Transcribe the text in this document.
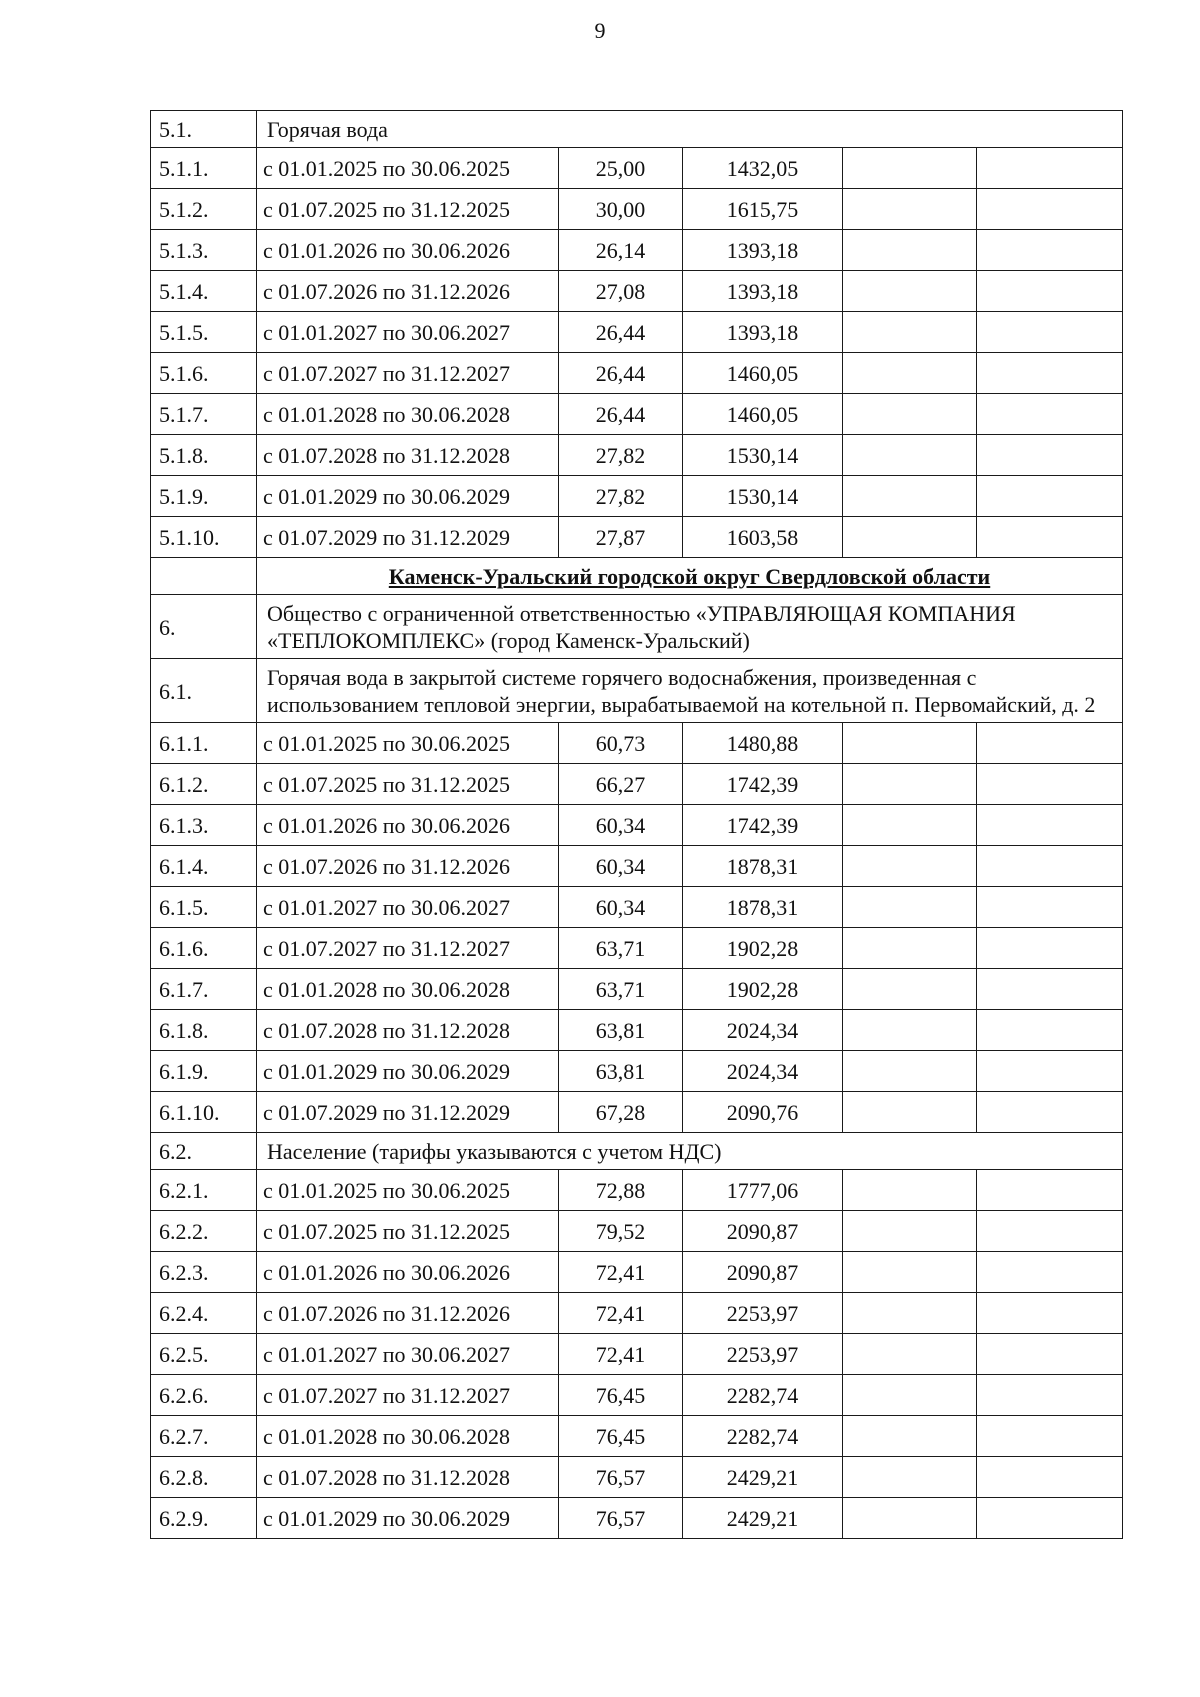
9
5.1.	Горячая вода				
5.1.1.	с 01.01.2025 по 30.06.2025	25,00	1432,05		
5.1.2.	с 01.07.2025 по 31.12.2025	30,00	1615,75		
5.1.3.	с 01.01.2026 по 30.06.2026	26,14	1393,18		
5.1.4.	с 01.07.2026 по 31.12.2026	27,08	1393,18		
5.1.5.	с 01.01.2027 по 30.06.2027	26,44	1393,18		
5.1.6.	с 01.07.2027 по 31.12.2027	26,44	1460,05		
5.1.7.	с 01.01.2028 по 30.06.2028	26,44	1460,05		
5.1.8.	с 01.07.2028 по 31.12.2028	27,82	1530,14		
5.1.9.	с 01.01.2029 по 30.06.2029	27,82	1530,14		
5.1.10.	с 01.07.2029 по 31.12.2029	27,87	1603,58		
	Каменск-Уральский городской округ Свердловской области				
6.	Общество с ограниченной ответственностью «УПРАВЛЯЮЩАЯ КОМПАНИЯ «ТЕПЛОКОМПЛЕКС» (город Каменск-Уральский)				
6.1.	Горячая вода в закрытой системе горячего водоснабжения, произведенная с использованием тепловой энергии, вырабатываемой на котельной п. Первомайский, д. 2				
6.1.1.	с 01.01.2025 по 30.06.2025	60,73	1480,88		
6.1.2.	с 01.07.2025 по 31.12.2025	66,27	1742,39		
6.1.3.	с 01.01.2026 по 30.06.2026	60,34	1742,39		
6.1.4.	с 01.07.2026 по 31.12.2026	60,34	1878,31		
6.1.5.	с 01.01.2027 по 30.06.2027	60,34	1878,31		
6.1.6.	с 01.07.2027 по 31.12.2027	63,71	1902,28		
6.1.7.	с 01.01.2028 по 30.06.2028	63,71	1902,28		
6.1.8.	с 01.07.2028 по 31.12.2028	63,81	2024,34		
6.1.9.	с 01.01.2029 по 30.06.2029	63,81	2024,34		
6.1.10.	с 01.07.2029 по 31.12.2029	67,28	2090,76		
6.2.	Население (тарифы указываются с учетом НДС)				
6.2.1.	с 01.01.2025 по 30.06.2025	72,88	1777,06		
6.2.2.	с 01.07.2025 по 31.12.2025	79,52	2090,87		
6.2.3.	с 01.01.2026 по 30.06.2026	72,41	2090,87		
6.2.4.	с 01.07.2026 по 31.12.2026	72,41	2253,97		
6.2.5.	с 01.01.2027 по 30.06.2027	72,41	2253,97		
6.2.6.	с 01.07.2027 по 31.12.2027	76,45	2282,74		
6.2.7.	с 01.01.2028 по 30.06.2028	76,45	2282,74		
6.2.8.	с 01.07.2028 по 31.12.2028	76,57	2429,21		
6.2.9.	с 01.01.2029 по 30.06.2029	76,57	2429,21		
